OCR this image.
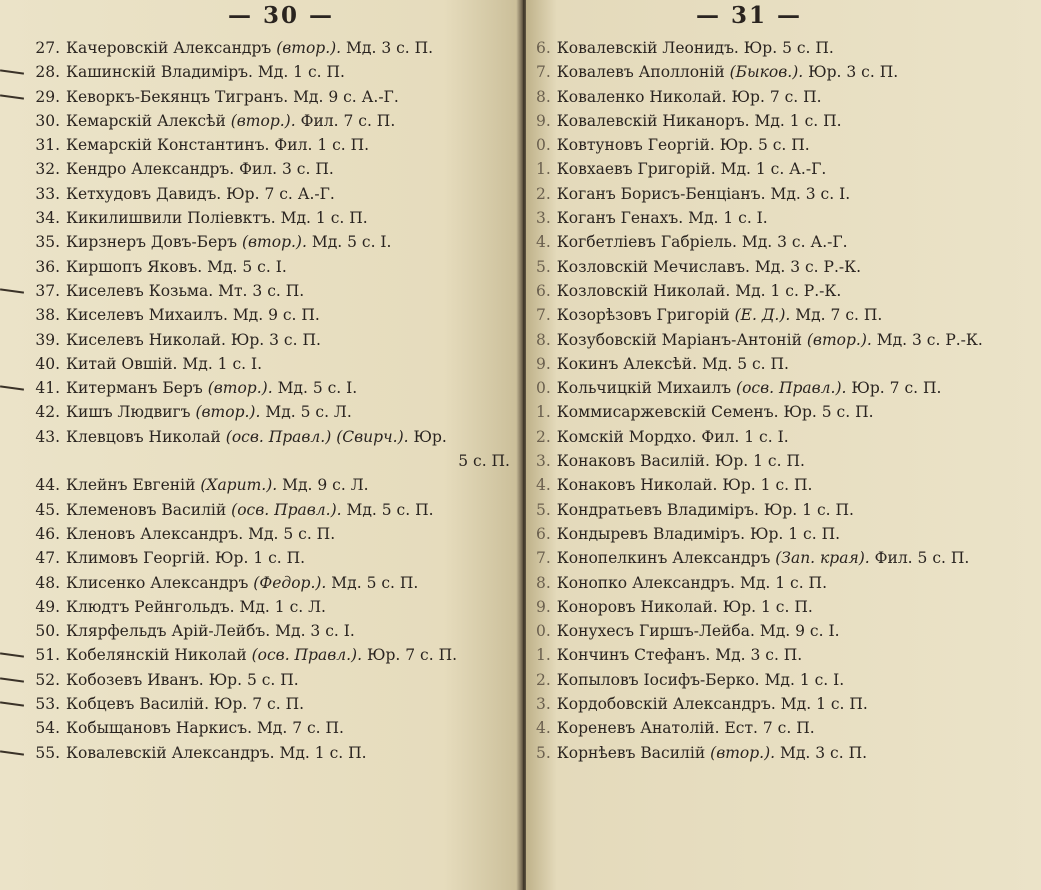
— 30 —
27. Качеровскій Александръ (втор.). Мд. 3 с. П.
28. Кашинскій Владиміръ. Мд. 1 с. П.
29. Кеворкъ-Бекянцъ Тигранъ. Мд. 9 с. А.-Г.
30. Кемарскій Алексѣй (втор.). Фил. 7 с. П.
31. Кемарскій Константинъ. Фил. 1 с. П.
32. Кендро Александръ. Фил. 3 с. П.
33. Кетхудовъ Давидъ. Юр. 7 с. А.-Г.
34. Кикилишвили Поліевктъ. Мд. 1 с. П.
35. Кирзнеръ Довъ-Беръ (втор.). Мд. 5 с. І.
36. Киршопъ Яковъ. Мд. 5 с. І.
37. Киселевъ Козьма. Мт. 3 с. П.
38. Киселевъ Михаилъ. Мд. 9 с. П.
39. Киселевъ Николай. Юр. 3 с. П.
40. Китай Овшій. Мд. 1 с. І.
41. Китерманъ Беръ (втор.). Мд. 5 с. І.
42. Кишъ Людвигъ (втор.). Мд. 5 с. Л.
43. Клевцовъ Николай (осв. Правл.) (Свирч.). Юр.
5 с. П.
44. Клейнъ Евгеній (Харит.). Мд. 9 с. Л.
45. Клеменовъ Василій (осв. Правл.). Мд. 5 с. П.
46. Кленовъ Александръ. Мд. 5 с. П.
47. Климовъ Георгій. Юр. 1 с. П.
48. Клисенко Александръ (Федор.). Мд. 5 с. П.
49. Клюдтъ Рейнгольдъ. Мд. 1 с. Л.
50. Клярфельдъ Арій-Лейбъ. Мд. 3 с. І.
51. Кобелянскій Николай (осв. Правл.). Юр. 7 с. П.
52. Кобозевъ Иванъ. Юр. 5 с. П.
53. Кобцевъ Василій. Юр. 7 с. П.
54. Кобыщановъ Наркисъ. Мд. 7 с. П.
55. Ковалевскій Александръ. Мд. 1 с. П.
— 31 —
6. Ковалевскій Леонидъ. Юр. 5 с. П.
7. Ковалевъ Аполлоній (Быков.). Юр. 3 с. П.
8. Коваленко Николай. Юр. 7 с. П.
9. Ковалевскій Никаноръ. Мд. 1 с. П.
0. Ковтуновъ Георгій. Юр. 5 с. П.
1. Ковхаевъ Григорій. Мд. 1 с. А.-Г.
2. Коганъ Борисъ-Бенціанъ. Мд. 3 с. І.
3. Коганъ Генахъ. Мд. 1 с. І.
4. Когбетліевъ Габріель. Мд. 3 с. А.-Г.
5. Козловскій Мечиславъ. Мд. 3 с. Р.-К.
6. Козловскій Николай. Мд. 1 с. Р.-К.
7. Козорѣзовъ Григорій (Е. Д.). Мд. 7 с. П.
8. Козубовскій Маріанъ-Антоній (втор.). Мд. 3 с. Р.-К.
9. Кокинъ Алексѣй. Мд. 5 с. П.
0. Кольчицкій Михаилъ (осв. Правл.). Юр. 7 с. П.
1. Коммисаржевскій Семенъ. Юр. 5 с. П.
2. Комскій Мордхо. Фил. 1 с. І.
3. Конаковъ Василій. Юр. 1 с. П.
4. Конаковъ Николай. Юр. 1 с. П.
5. Кондратьевъ Владиміръ. Юр. 1 с. П.
6. Кондыревъ Владиміръ. Юр. 1 с. П.
7. Конопелкинъ Александръ (Зап. края). Фил. 5 с. П.
8. Конопко Александръ. Мд. 1 с. П.
9. Коноровъ Николай. Юр. 1 с. П.
0. Конухесъ Гиршъ-Лейба. Мд. 9 с. І.
1. Кончинъ Стефанъ. Мд. 3 с. П.
2. Копыловъ Іосифъ-Берко. Мд. 1 с. І.
3. Кордобовскій Александръ. Мд. 1 с. П.
4. Кореневъ Анатолій. Ест. 7 с. П.
5. Корнѣевъ Василій (втор.). Мд. 3 с. П.
